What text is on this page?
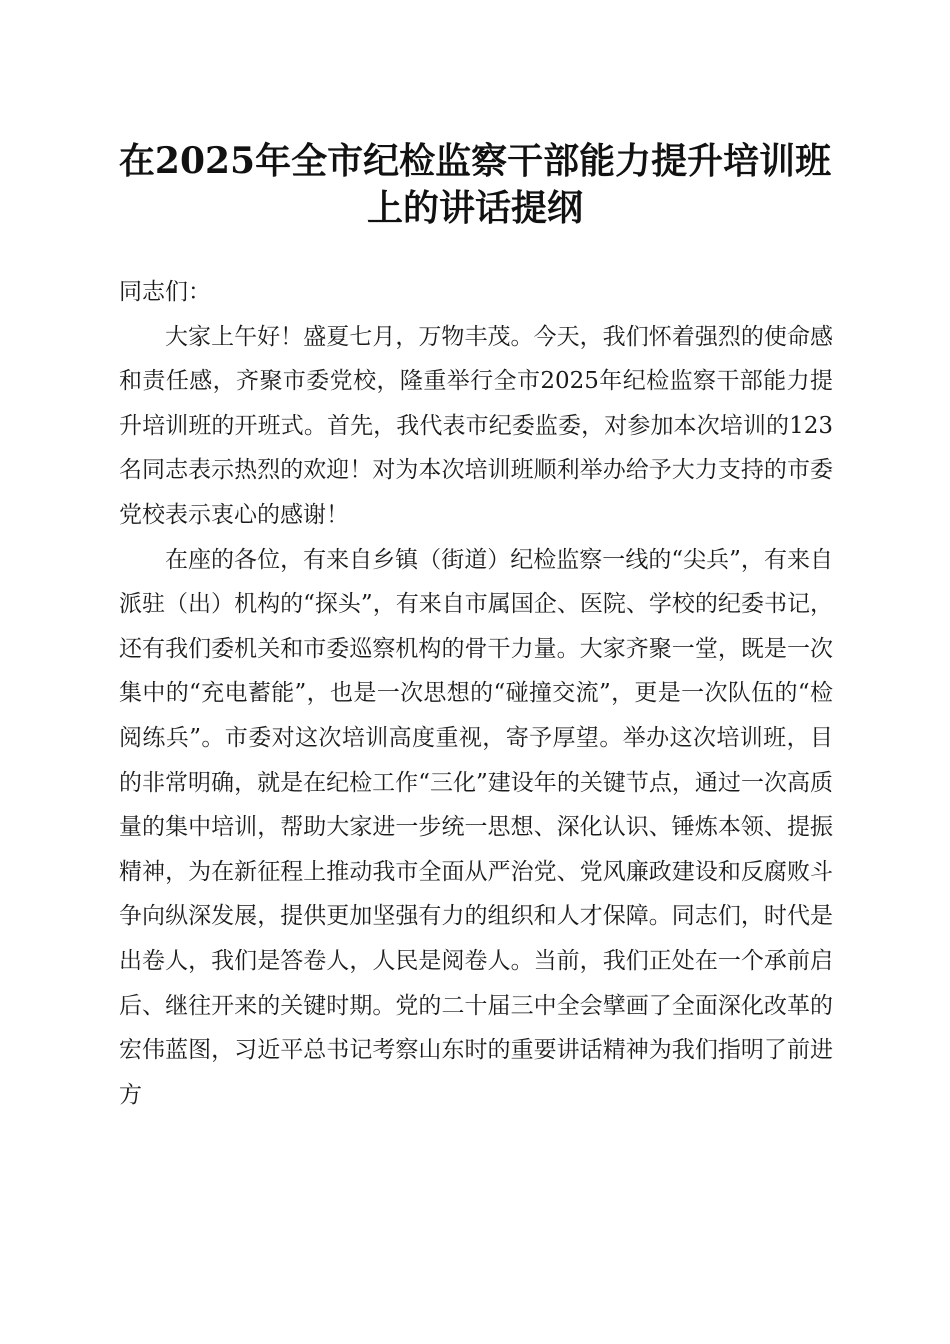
在2025年全市纪检监察干部能力提升培训班
上的讲话提纲

同志们：

大家上午好！盛夏七月，万物丰茂。今天，我们怀着强烈的使命感和责任感，齐聚市委党校，隆重举行全市2025年纪检监察干部能力提升培训班的开班式。首先，我代表市纪委监委，对参加本次培训的123名同志表示热烈的欢迎！对为本次培训班顺利举办给予大力支持的市委党校表示衷心的感谢！

在座的各位，有来自乡镇（街道）纪检监察一线的“尖兵”，有来自派驻（出）机构的“探头”，有来自市属国企、医院、学校的纪委书记，还有我们委机关和市委巡察机构的骨干力量。大家齐聚一堂，既是一次集中的“充电蓄能”，也是一次思想的“碰撞交流”，更是一次队伍的“检阅练兵”。市委对这次培训高度重视，寄予厚望。举办这次培训班，目的非常明确，就是在纪检工作“三化”建设年的关键节点，通过一次高质量的集中培训，帮助大家进一步统一思想、深化认识、锤炼本领、提振精神，为在新征程上推动我市全面从严治党、党风廉政建设和反腐败斗争向纵深发展，提供更加坚强有力的组织和人才保障。同志们，时代是出卷人，我们是答卷人，人民是阅卷人。当前，我们正处在一个承前启后、继往开来的关键时期。党的二十届三中全会擘画了全面深化改革的宏伟蓝图，习近平总书记考察山东时的重要讲话精神为我们指明了前进方
